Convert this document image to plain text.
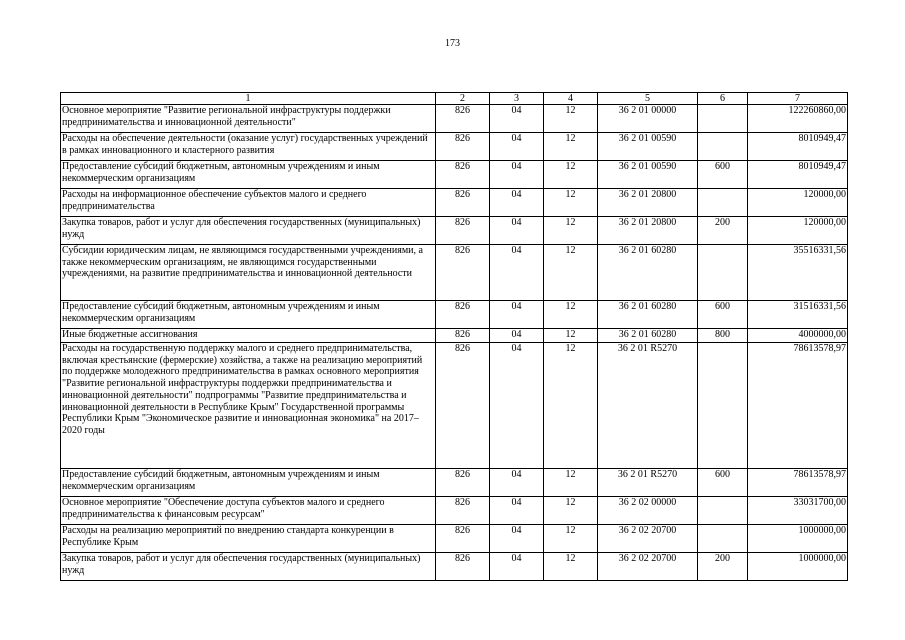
173
1	2	3	4	5	6	7
Основное мероприятие "Развитие региональной инфраструктуры поддержки предпринимательства и инновационной деятельности"	826	04	12	36 2 01 00000		122260860,00
Расходы на обеспечение деятельности (оказание услуг) государственных учреждений в рамках инновационного и кластерного развития	826	04	12	36 2 01 00590		8010949,47
Предоставление субсидий бюджетным, автономным учреждениям и иным некоммерческим организациям	826	04	12	36 2 01 00590	600	8010949,47
Расходы на информационное обеспечение субъектов малого и среднего предпринимательства	826	04	12	36 2 01 20800		120000,00
Закупка товаров, работ и услуг для обеспечения государственных (муниципальных) нужд	826	04	12	36 2 01 20800	200	120000,00
Субсидии юридическим лицам, не являющимся государственными учреждениями, а также некоммерческим организациям, не являющимся государственными учреждениями, на развитие предпринимательства и инновационной деятельности	826	04	12	36 2 01 60280		35516331,56
Предоставление субсидий бюджетным, автономным учреждениям и иным некоммерческим организациям	826	04	12	36 2 01 60280	600	31516331,56
Иные бюджетные ассигнования	826	04	12	36 2 01 60280	800	4000000,00
Расходы на государственную поддержку малого и среднего предпринимательства, включая крестьянские (фермерские) хозяйства, а также на реализацию мероприятий по поддержке молодежного предпринимательства в рамках основного мероприятия "Развитие региональной инфраструктуры поддержки предпринимательства и инновационной деятельности" подпрограммы "Развитие предпринимательства и инновационной деятельности в Республике Крым" Государственной программы Республики Крым "Экономическое развитие и инновационная экономика" на 2017–2020 годы	826	04	12	36 2 01 R5270		78613578,97
Предоставление субсидий бюджетным, автономным учреждениям и иным некоммерческим организациям	826	04	12	36 2 01 R5270	600	78613578,97
Основное мероприятие "Обеспечение доступа субъектов малого и среднего предпринимательства к финансовым ресурсам"	826	04	12	36 2 02 00000		33031700,00
Расходы на реализацию мероприятий по внедрению стандарта конкуренции в Республике Крым	826	04	12	36 2 02 20700		1000000,00
Закупка товаров, работ и услуг для обеспечения государственных (муниципальных) нужд	826	04	12	36 2 02 20700	200	1000000,00
